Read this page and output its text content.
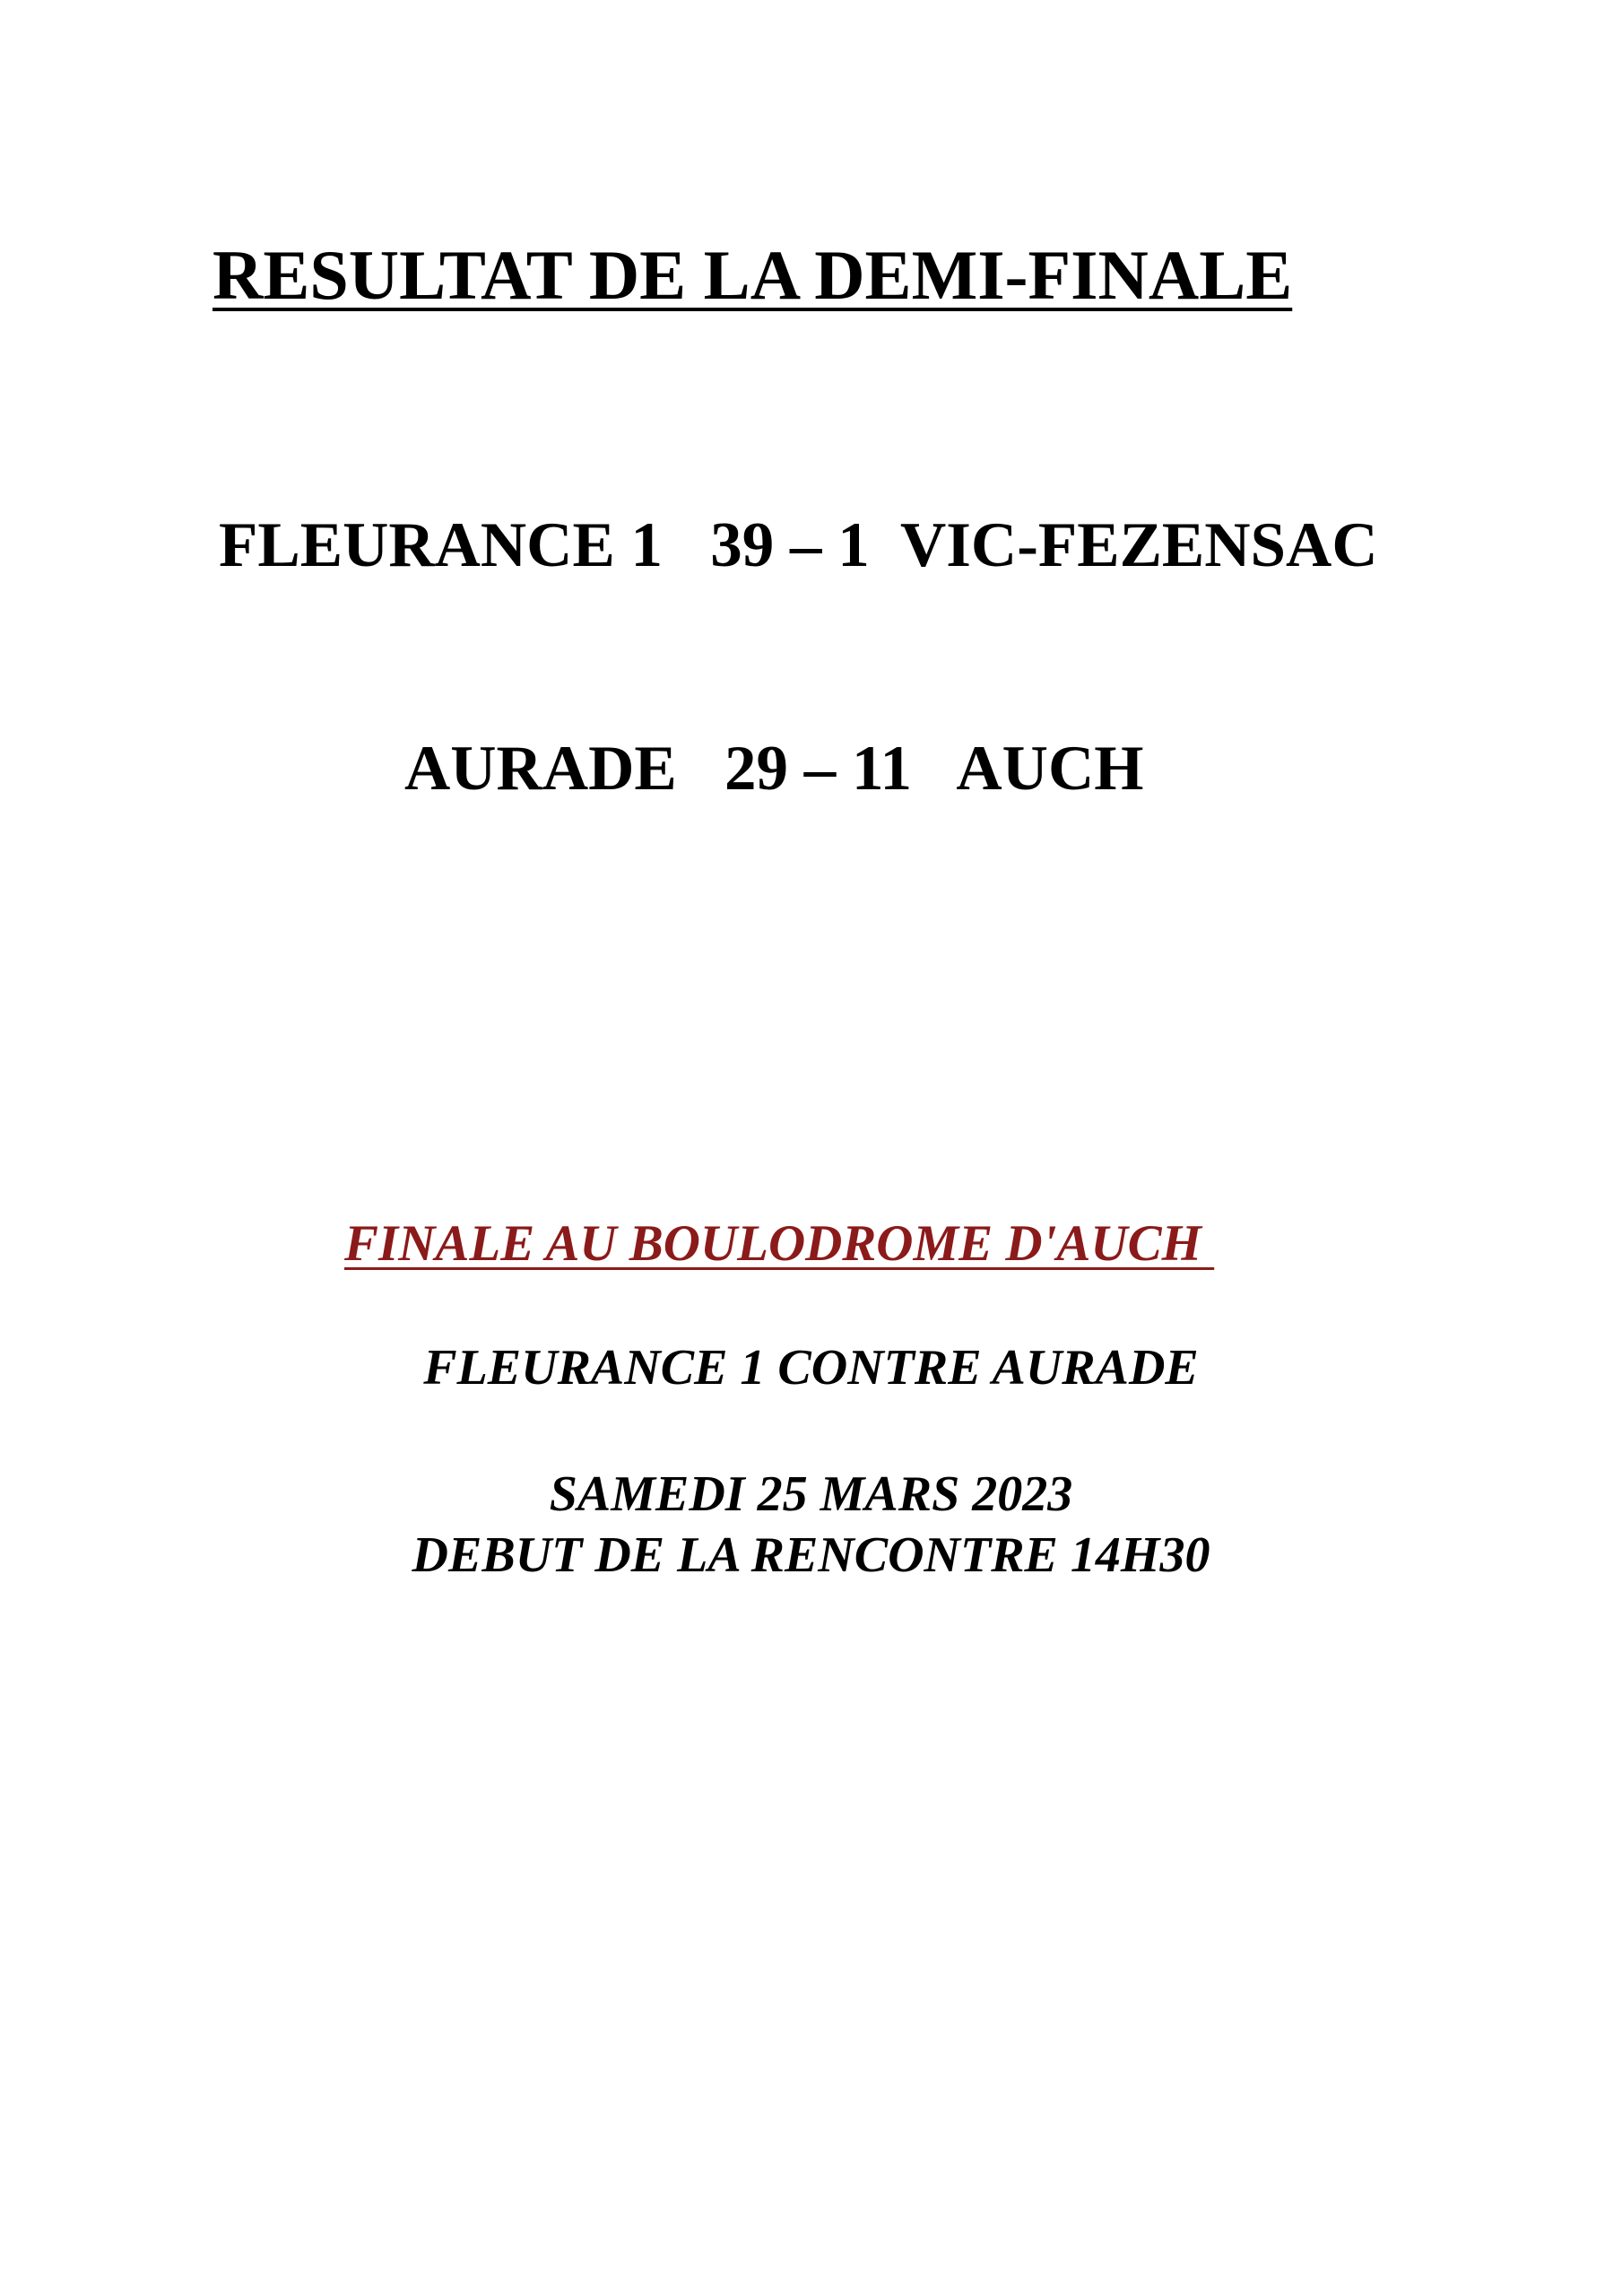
RESULTAT DE LA DEMI-FINALE
FLEURANCE 1   39 – 1  VIC-FEZENSAC
AURADE   29 – 11   AUCH
FINALE AU BOULODROME D'AUCH
FLEURANCE 1 CONTRE AURADE
SAMEDI 25 MARS 2023
DEBUT DE LA RENCONTRE 14H30
